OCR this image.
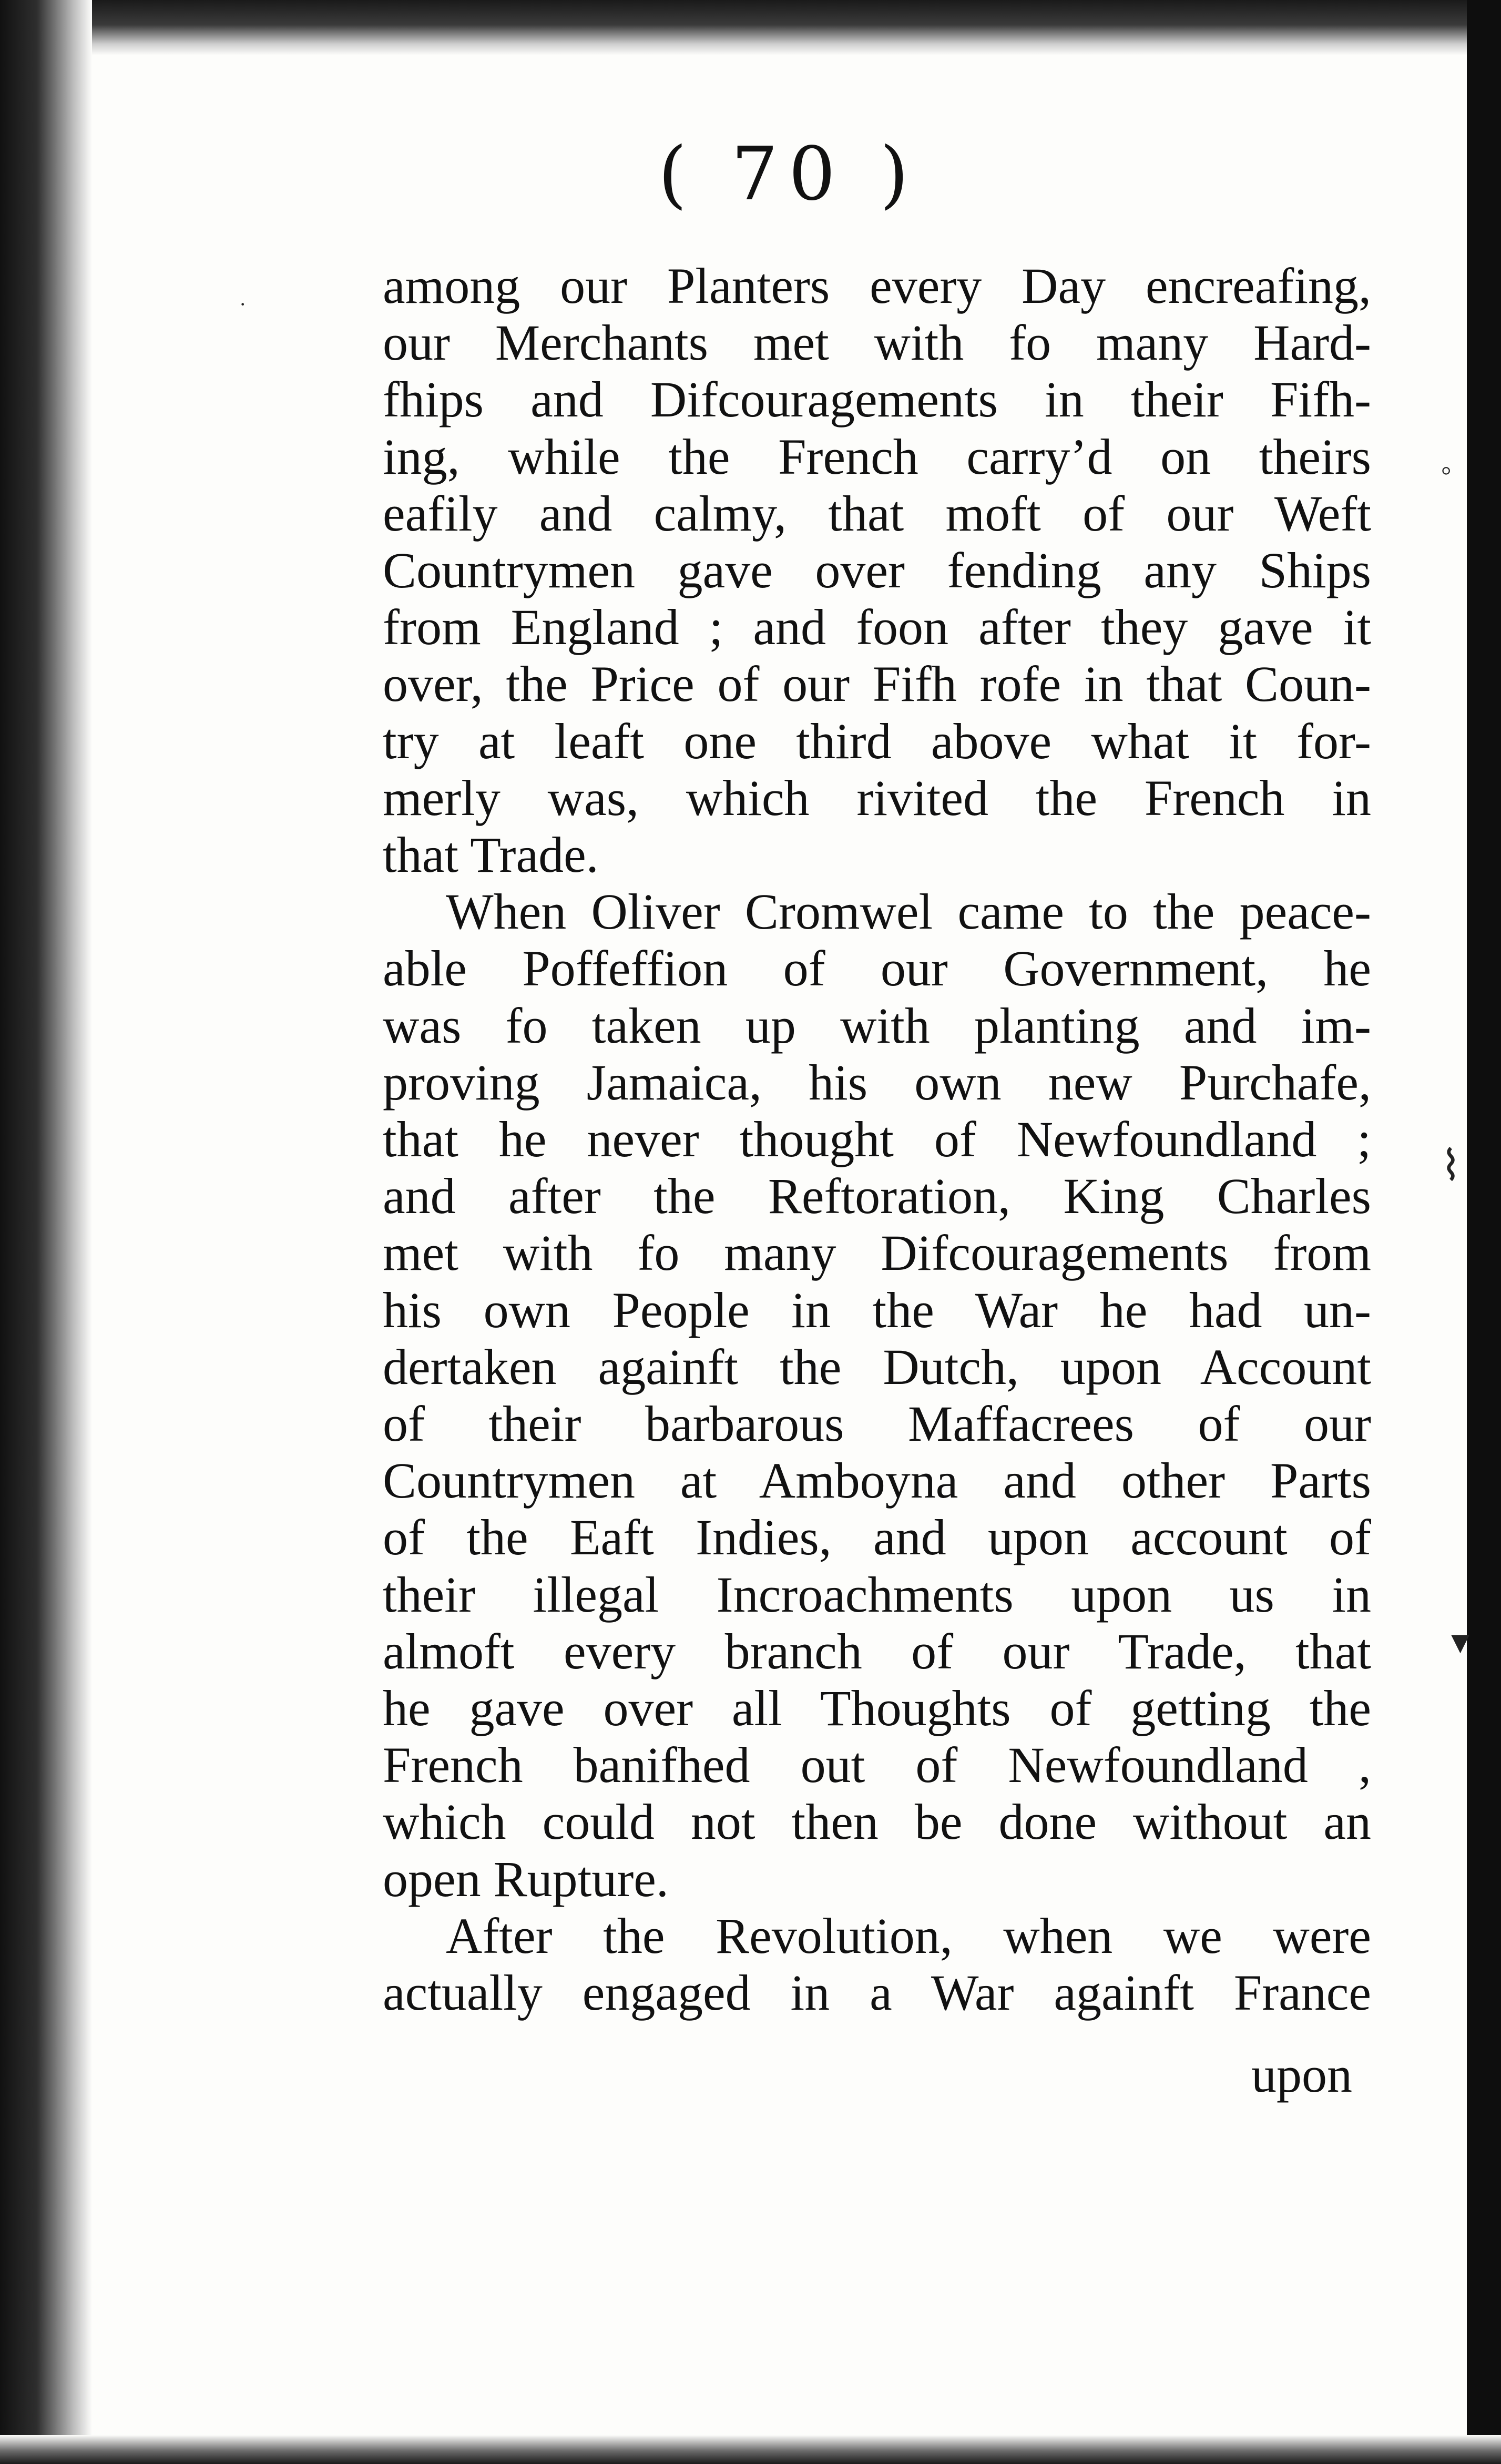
·
◦
⌇
▾
( 70 )
among our Planters every Day encreafing,
our Merchants met with fo many Hard-
fhips and Difcouragements in their Fifh-
ing, while the French carry’d on theirs
eafily and calmy, that moft of our Weft
Countrymen gave over fending any Ships
from England ; and foon after they gave it
over, the Price of our Fifh rofe in that Coun-
try at leaft one third above what it for-
merly was, which rivited the French in
that Trade.
When Oliver Cromwel came to the peace-
able Poffeffion of our Government, he
was fo taken up with planting and im-
proving Jamaica, his own new Purchafe,
that he never thought of Newfoundland ;
and after the Reftoration, King Charles
met with fo many Difcouragements from
his own People in the War he had un-
dertaken againft the Dutch, upon Account
of their barbarous Maffacrees of our
Countrymen at Amboyna and other Parts
of the Eaft Indies, and upon account of
their illegal Incroachments upon us in
almoft every branch of our Trade, that
he gave over all Thoughts of getting the
French banifhed out of Newfoundland ,
which could not then be done without an
open Rupture.
After the Revolution, when we were
actually engaged in a War againft France
upon
